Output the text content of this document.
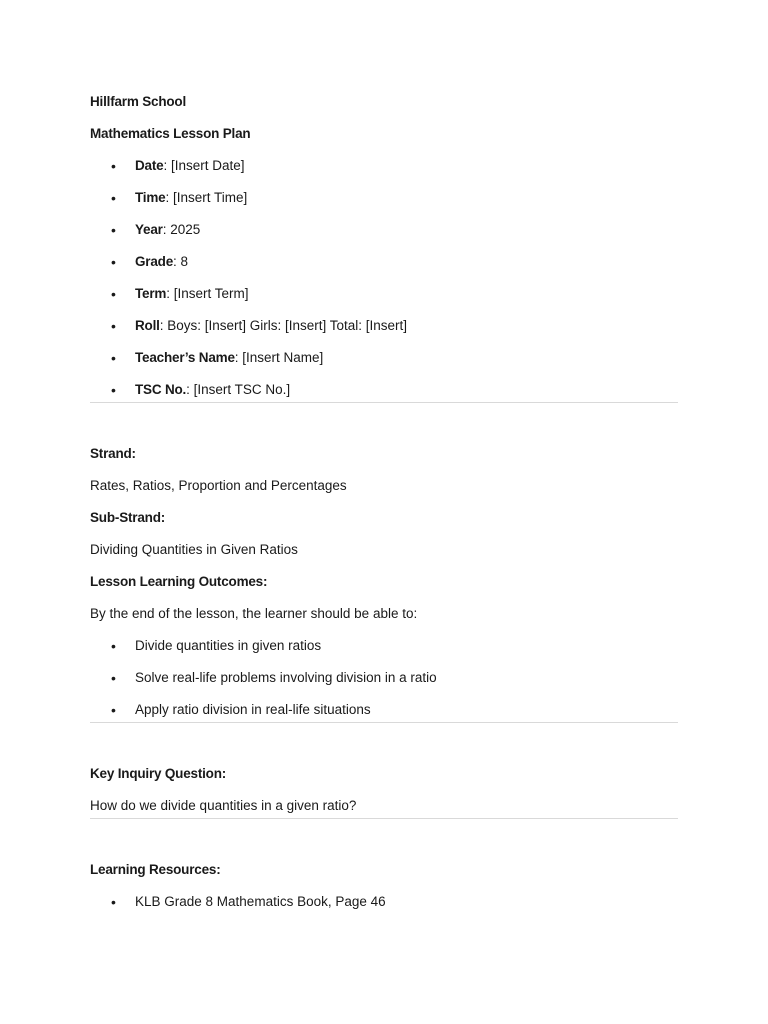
Hillfarm School
Mathematics Lesson Plan
• Date: [Insert Date]
• Time: [Insert Time]
• Year: 2025
• Grade: 8
• Term: [Insert Term]
• Roll: Boys: [Insert] Girls: [Insert] Total: [Insert]
• Teacher’s Name: [Insert Name]
• TSC No.: [Insert TSC No.]
Strand:
Rates, Ratios, Proportion and Percentages
Sub-Strand:
Dividing Quantities in Given Ratios
Lesson Learning Outcomes:
By the end of the lesson, the learner should be able to:
• Divide quantities in given ratios
• Solve real-life problems involving division in a ratio
• Apply ratio division in real-life situations
Key Inquiry Question:
How do we divide quantities in a given ratio?
Learning Resources:
• KLB Grade 8 Mathematics Book, Page 46
